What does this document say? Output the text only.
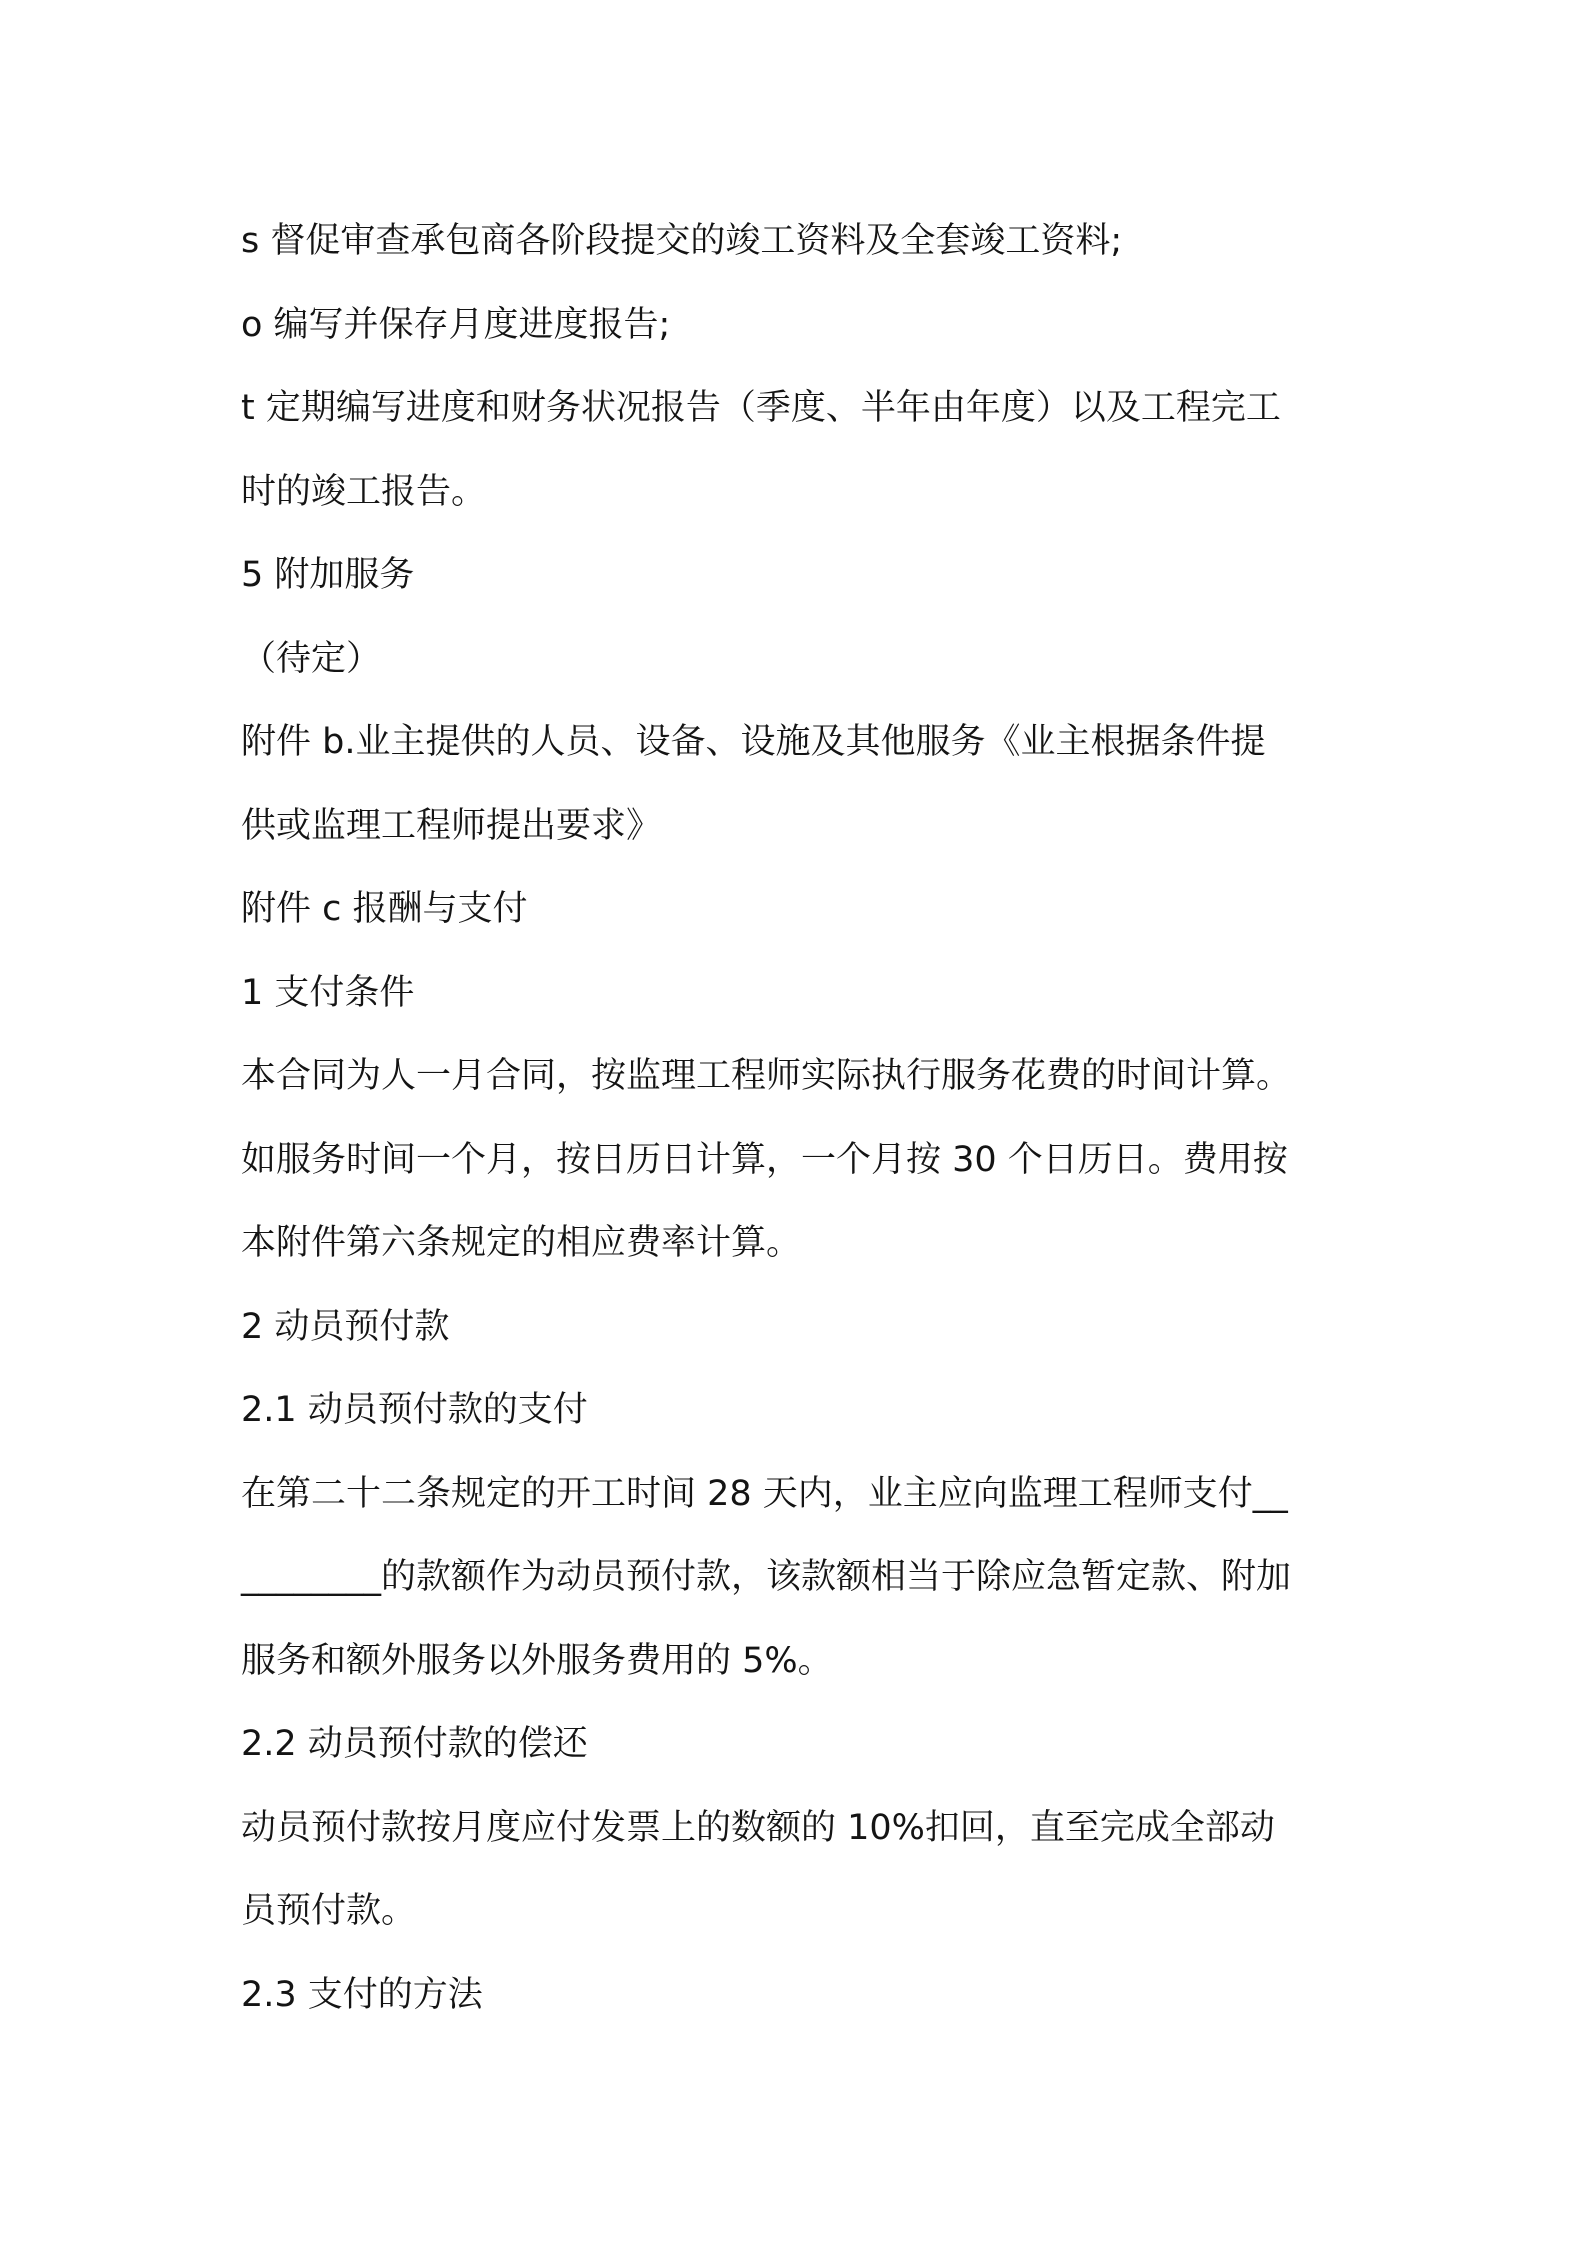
s 督促审查承包商各阶段提交的竣工资料及全套竣工资料;
o 编写并保存月度进度报告;
t 定期编写进度和财务状况报告（季度、半年由年度）以及工程完工
时的竣工报告。
5 附加服务
（待定）
附件 b.业主提供的人员、设备、设施及其他服务《业主根据条件提
供或监理工程师提出要求》
附件 c 报酬与支付
1 支付条件
本合同为人一月合同，按监理工程师实际执行服务花费的时间计算。
如服务时间一个月，按日历日计算，一个月按 30 个日历日。费用按
本附件第六条规定的相应费率计算。
2 动员预付款
2.1 动员预付款的支付
在第二十二条规定的开工时间 28 天内，业主应向监理工程师支付__
________的款额作为动员预付款，该款额相当于除应急暂定款、附加
服务和额外服务以外服务费用的 5%。
2.2 动员预付款的偿还
动员预付款按月度应付发票上的数额的 10%扣回，直至完成全部动
员预付款。
2.3 支付的方法
